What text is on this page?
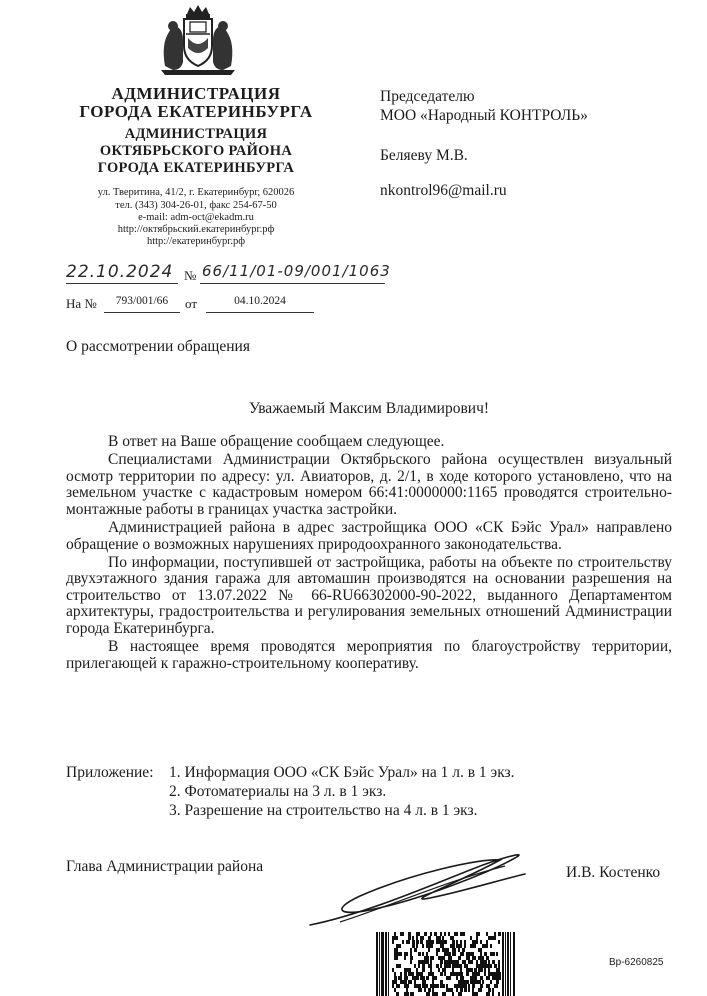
АДМИНИСТРАЦИЯ
ГОРОДА ЕКАТЕРИНБУРГА
АДМИНИСТРАЦИЯ
ОКТЯБРЬСКОГО РАЙОНА
ГОРОДА ЕКАТЕРИНБУРГА
ул. Тверитина, 41/2, г. Екатеринбург, 620026
тел. (343) 304-26-01, факс 254-67-50
e-mail: adm-oct@ekadm.ru
http://октябрьский.екатеринбург.рф
http://екатеринбург.рф
22.10.2024 № 66/11/01-09/001/1063
На №	793/001/66	от	04.10.2024
Председателю
МОО «Народный КОНТРОЛЬ»
Беляеву М.В.
nkontrol96@mail.ru
О рассмотрении обращения
Уважаемый Максим Владимирович!

В ответ на Ваше обращение сообщаем следующее.

Специалистами Администрации Октябрьского района осуществлен визуальный осмотр территории по адресу: ул. Авиаторов, д. 2/1, в ходе которого установлено, что на земельном участке с кадастровым номером 66:41:0000000:1165 проводятся строительно-монтажные работы в границах участка застройки.

Администрацией района в адрес застройщика ООО «СК Бэйс Урал» направлено обращение о возможных нарушениях природоохранного законодательства.

По информации, поступившей от застройщика, работы на объекте по строительству двухэтажного здания гаража для автомашин производятся на основании разрешения на строительство от 13.07.2022 № 66-RU66302000-90-2022, выданного Департаментом архитектуры, градостроительства и регулирования земельных отношений Администрации города Екатеринбурга.

В настоящее время проводятся мероприятия по благоустройству территории, прилегающей к гаражно-строительному кооперативу.

Приложение: 1. Информация ООО «СК Бэйс Урал» на 1 л. в 1 экз.
2. Фотоматериалы на 3 л. в 1 экз.
3. Разрешение на строительство на 4 л. в 1 экз.
Глава Администрации района	И.В. Костенко
Вр-6260825
